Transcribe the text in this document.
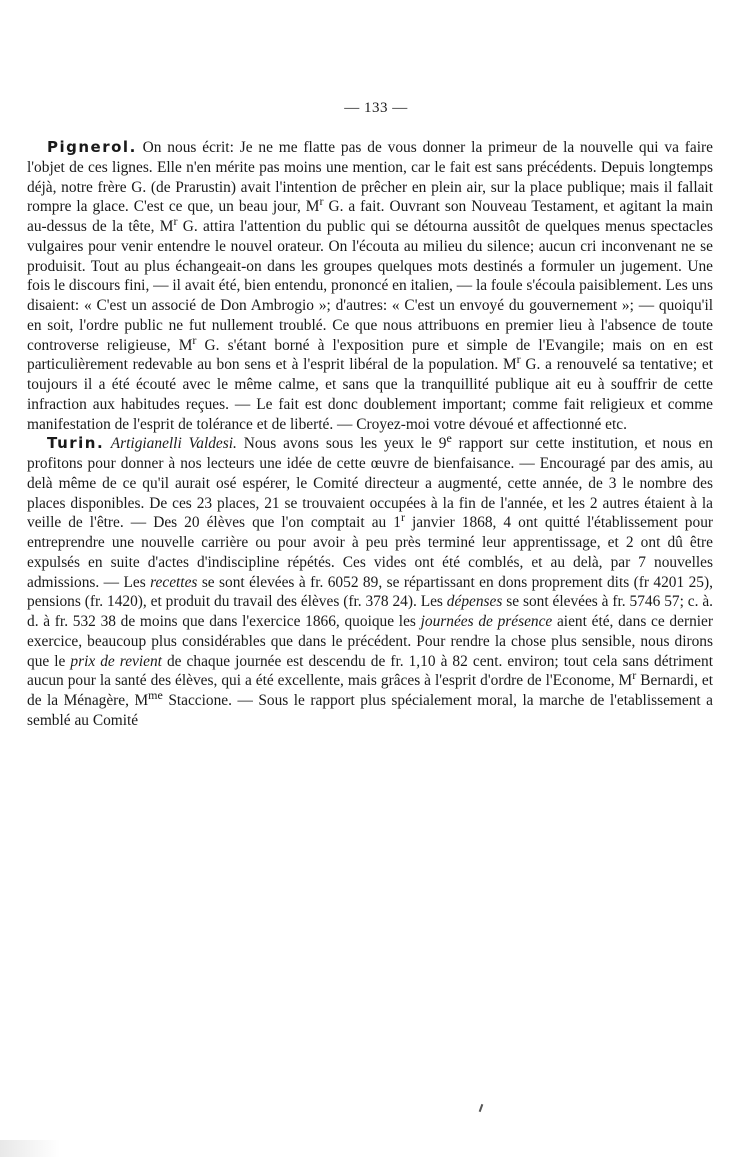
— 133 —

Pignerol. On nous écrit: Je ne me flatte pas de vous donner la primeur de la nouvelle qui va faire l'objet de ces lignes. Elle n'en mérite pas moins une mention, car le fait est sans précédents. Depuis longtemps déjà, notre frère G. (de Prarustin) avait l'intention de prêcher en plein air, sur la place publique; mais il fallait rompre la glace. C'est ce que, un beau jour, $M^r$ G. a fait. Ouvrant son Nouveau Testament, et agitant la main au-dessus de la tête, $M^r$ G. attira l'attention du public qui se détourna aussitôt de quelques menus spectacles vulgaires pour venir entendre le nouvel orateur. On l'écouta au milieu du silence; aucun cri inconvenant ne se produisit. Tout au plus échangeait-on dans les groupes quelques mots destinés a formuler un jugement. Une fois le discours fini, — il avait été, bien entendu, prononcé en italien, — la foule s'écoula paisiblement. Les uns disaient: « C'est un associé de Don Ambrogio »; d'autres: « C'est un envoyé du gouvernement »; — quoiqu'il en soit, l'ordre public ne fut nullement troublé. Ce que nous attribuons en premier lieu à l'absence de toute controverse religieuse, $M^r$ G. s'étant borné à l'exposition pure et simple de l'Evangile; mais on en est particulièrement redevable au bon sens et à l'esprit libéral de la population. $M^r$ G. a renouvelé sa tentative; et toujours il a été écouté avec le même calme, et sans que la tranquillité publique ait eu à souffrir de cette infraction aux habitudes reçues. — Le fait est donc doublement important; comme fait religieux et comme manifestation de l'esprit de tolérance et de liberté. — Croyez-moi votre dévoué et affectionné etc.

Turin. Artigianelli Valdesi. Nous avons sous les yeux le 9e rapport sur cette institution, et nous en profitons pour donner à nos lecteurs une idée de cette œuvre de bienfaisance. — Encouragé par des amis, au delà même de ce qu'il aurait osé espérer, le Comité directeur a augmenté, cette année, de 3 le nombre des places disponibles. De ces 23 places, 21 se trouvaient occupées à la fin de l'année, et les 2 autres étaient à la veille de l'être. — Des 20 élèves que l'on comptait au 1$^r$ janvier 1868, 4 ont quitté l'établissement pour entreprendre une nouvelle carrière ou pour avoir à peu près terminé leur apprentissage, et 2 ont dû être expulsés en suite d'actes d'indiscipline répétés. Ces vides ont été comblés, et au delà, par 7 nouvelles admissions. — Les recettes se sont élevées à fr. 6052 89, se répartissant en dons proprement dits (fr 4201 25), pensions (fr. 1420), et produit du travail des élèves (fr. 378 24). Les dépenses se sont élevées à fr. 5746 57; c. à. d. à fr. 532 38 de moins que dans l'exercice 1866, quoique les journées de présence aient été, dans ce dernier exercice, beaucoup plus considérables que dans le précédent. Pour rendre la chose plus sensible, nous dirons que le prix de revient de chaque journée est descendu de fr. 1,10 à 82 cent. environ; tout cela sans détriment aucun pour la santé des élèves, qui a été excellente, mais grâces à l'esprit d'ordre de l'Econome, $M^r$ Bernardi, et de la Ménagère, $M^{me}$ Staccione. — Sous le rapport plus spécialement moral, la marche de l'etablissement a semblé au Comité
